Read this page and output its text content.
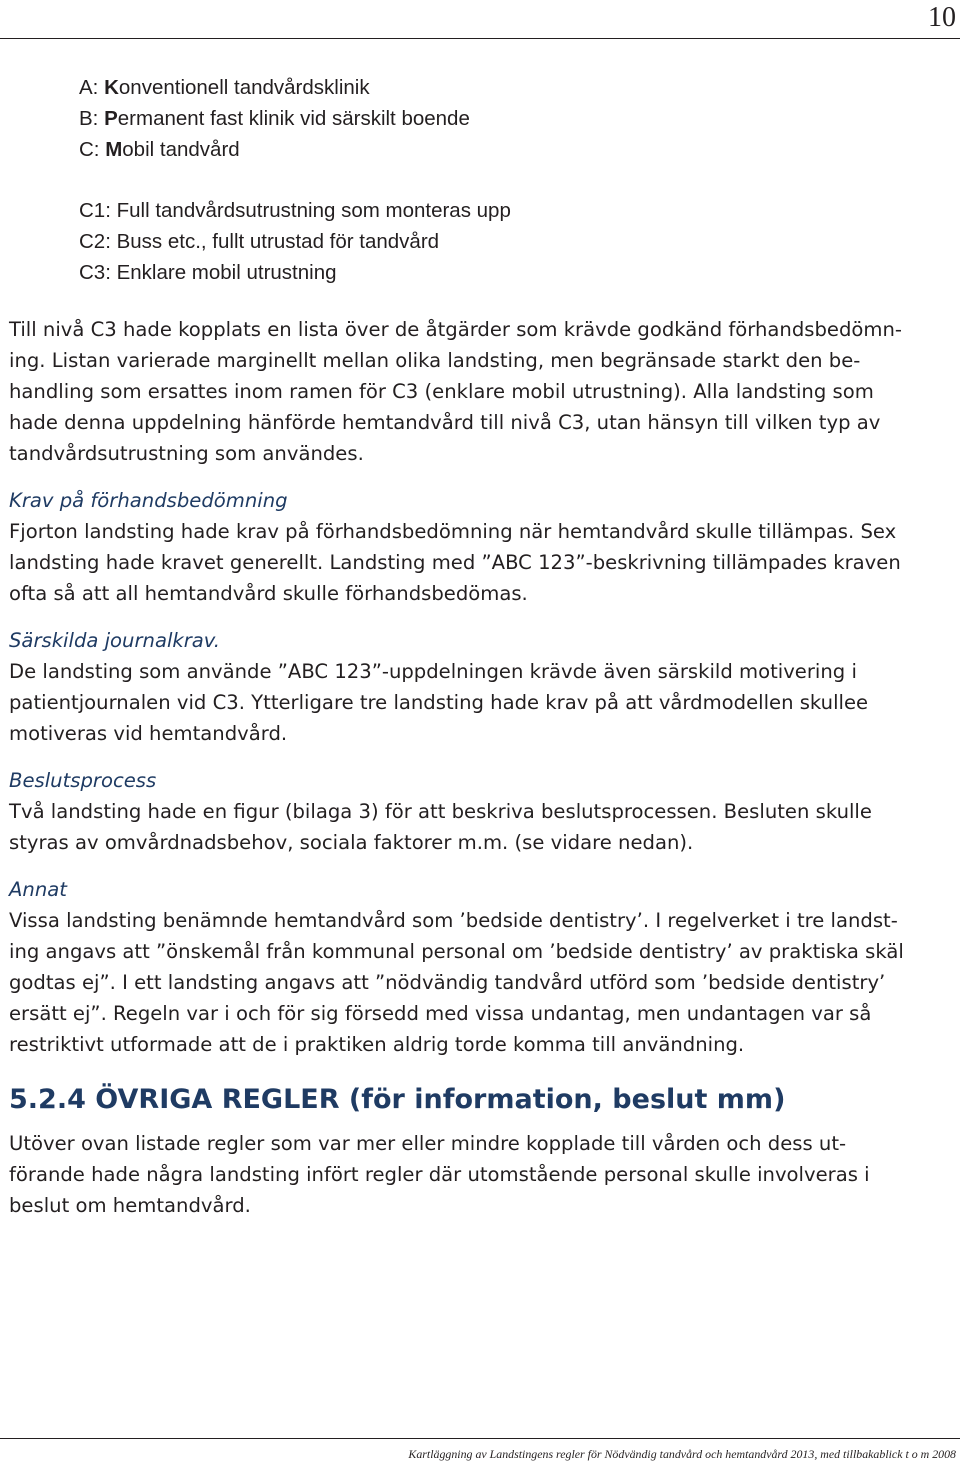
10
A: Konventionell tandvårdsklinik
B: Permanent fast klinik vid särskilt boende
C: Mobil tandvård
C1: Full tandvårdsutrustning som monteras upp
C2: Buss etc., fullt utrustad för tandvård
C3: Enklare mobil utrustning
Till nivå C3 hade kopplats en lista över de åtgärder som krävde godkänd förhandsbedömn-
ing. Listan varierade marginellt mellan olika landsting, men begränsade starkt den be-
handling som ersattes inom ramen för C3 (enklare mobil utrustning). Alla landsting som
hade denna uppdelning hänförde hemtandvård till nivå C3, utan hänsyn till vilken typ av
tandvårdsutrustning som användes.
Krav på förhandsbedömning
Fjorton landsting hade krav på förhandsbedömning när hemtandvård skulle tillämpas. Sex
landsting hade kravet generellt. Landsting med ”ABC 123”-beskrivning tillämpades kraven
ofta så att all hemtandvård skulle förhandsbedömas.
Särskilda journalkrav.
De landsting som använde ”ABC 123”-uppdelningen krävde även särskild motivering i
patientjournalen vid C3. Ytterligare tre landsting hade krav på att vårdmodellen skullee
motiveras vid hemtandvård.
Beslutsprocess
Två landsting hade en figur (bilaga 3) för att beskriva beslutsprocessen. Besluten skulle
styras av omvårdnadsbehov, sociala faktorer m.m. (se vidare nedan).
Annat
Vissa landsting benämnde hemtandvård som ’bedside dentistry’. I regelverket i tre landst-
ing angavs att ”önskemål från kommunal personal om ’bedside dentistry’ av praktiska skäl
godtas ej”. I ett landsting angavs att ”nödvändig tandvård utförd som ’bedside dentistry’
ersätt ej”. Regeln var i och för sig försedd med vissa undantag, men undantagen var så
restriktivt utformade att de i praktiken aldrig torde komma till användning.
5.2.4 ÖVRIGA REGLER (för information, beslut mm)
Utöver ovan listade regler som var mer eller mindre kopplade till vården och dess ut-
förande hade några landsting infört regler där utomstående personal skulle involveras i
beslut om hemtandvård.
Kartläggning av Landstingens regler för Nödvändig tandvård och hemtandvård 2013, med tillbakablick t o m 2008
